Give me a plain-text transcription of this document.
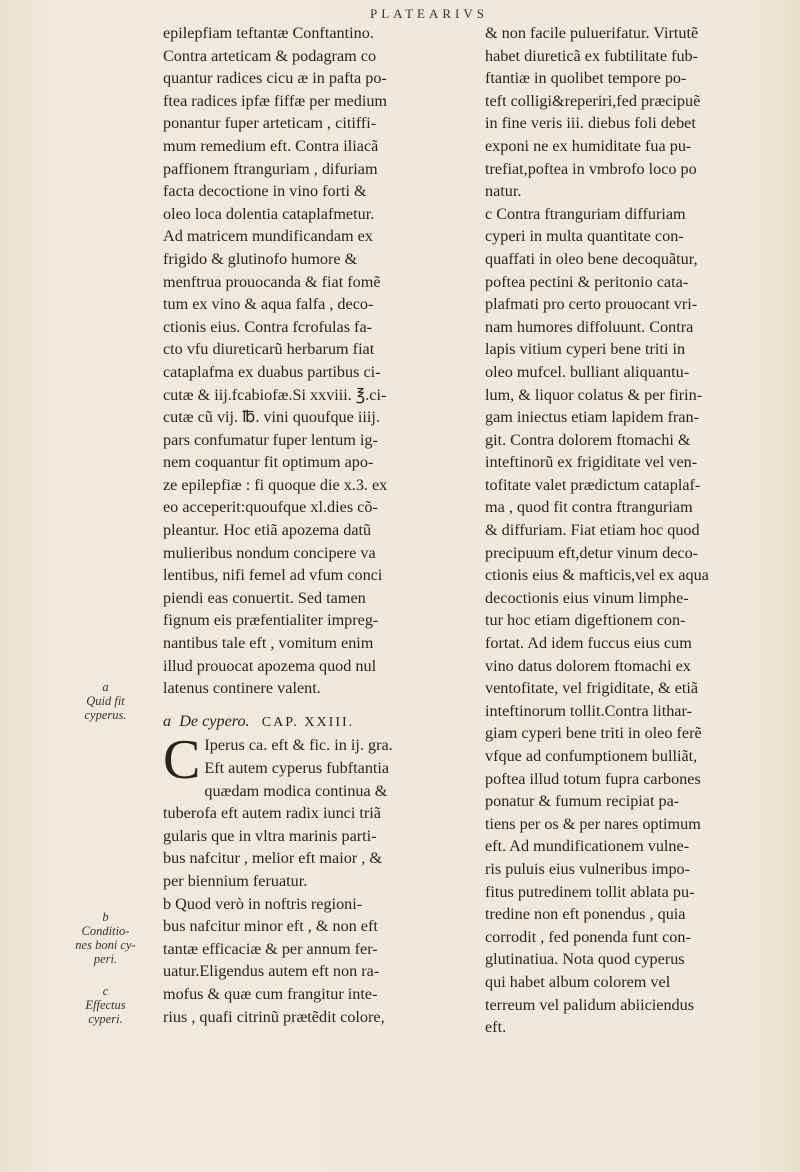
PLATEARIVS

epilepfiam teftantæ Conftantino.

Contra arteticam & podagram co

quantur radices cicu æ in pafta po-

ftea radices ipfæ fiffæ per medium

ponantur fuper arteticam , citiffi-

mum remedium eft. Contra iliacã

paffionem ftranguriam , difuriam

facta decoctione in vino forti &

oleo loca dolentia cataplafmetur.

Ad matricem mundificandam ex

frigido & glutinofo humore &

menftrua prouocanda & fiat fomẽ

tum ex vino & aqua falfa , deco-

ctionis eius. Contra fcrofulas fa-

cto vfu diureticarũ herbarum fiat

cataplafma ex duabus partibus ci-

cutæ & iij.fcabiofæ.Si xxviii. ℥.ci-

cutæ cũ vij. ℔. vini quoufque iiij.

pars confumatur fuper lentum ig-

nem coquantur fit optimum apo-

ze epilepfiæ : fi quoque die x.3. ex

eo acceperit:quoufque xl.dies cõ-

pleantur. Hoc etiã apozema datũ

mulieribus nondum concipere va

lentibus, nifi femel ad vfum conci

piendi eas conuertit. Sed tamen

fignum eis præfentialiter impreg-

nantibus tale eft , vomitum enim

illud prouocat apozema quod nul

latenus continere valent.

a De cypero. CAP. XXIII.

C Iperus ca. eft & fic. in ij. gra.

Eft autem cyperus fubftantia

quædam modica continua &

tuberofa eft autem radix iunci triã

gularis que in vltra marinis parti-

bus nafcitur , melior eft maior , &

per biennium feruatur.

b Quod verò in noftris regioni-

bus nafcitur minor eft , & non eft

tantæ efficaciæ & per annum fer-

uatur.Eligendus autem eft non ra-

mofus & quæ cum frangitur inte-

rius , quafi citrinũ prætẽdit colore,

& non facile puluerifatur. Virtutẽ

habet diureticã ex fubtilitate fub-

ftantiæ in quolibet tempore po-

teft colligi&reperiri,fed præcipuẽ

in fine veris iii. diebus foli debet

exponi ne ex humiditate fua pu-

trefiat,poftea in vmbrofo loco po

natur.

c Contra ftranguriam diffuriam

cyperi in multa quantitate con-

quaffati in oleo bene decoquãtur,

poftea pectini & peritonio cata-

plafmati pro certo prouocant vri-

nam humores diffoluunt. Contra

lapis vitium cyperi bene triti in

oleo mufcel. bulliant aliquantu-

lum, & liquor colatus & per firin-

gam iniectus etiam lapidem fran-

git. Contra dolorem ftomachi &

inteftinorũ ex frigiditate vel ven-

tofitate valet prædictum cataplaf-

ma , quod fit contra ftranguriam

& diffuriam. Fiat etiam hoc quod

precipuum eft,detur vinum deco-

ctionis eius & mafticis,vel ex aqua

decoctionis eius vinum limphe-

tur hoc etiam digeftionem con-

fortat. Ad idem fuccus eius cum

vino datus dolorem ftomachi ex

ventofitate, vel frigiditate, & etiã

inteftinorum tollit.Contra lithar-

giam cyperi bene triti in oleo ferẽ

vfque ad confumptionem bulliãt,

poftea illud totum fupra carbones

ponatur & fumum recipiat pa-

tiens per os & per nares optimum

eft. Ad mundificationem vulne-

ris puluis eius vulneribus impo-

fitus putredinem tollit ablata pu-

tredine non eft ponendus , quia

corrodit , fed ponenda funt con-

glutinatiua. Nota quod cyperus

qui habet album colorem vel

terreum vel palidum abiiciendus

eft.

a

Quid fit

cyperus.

b

Conditio-

nes boni cy-

peri.

c

Effectus

cyperi.
